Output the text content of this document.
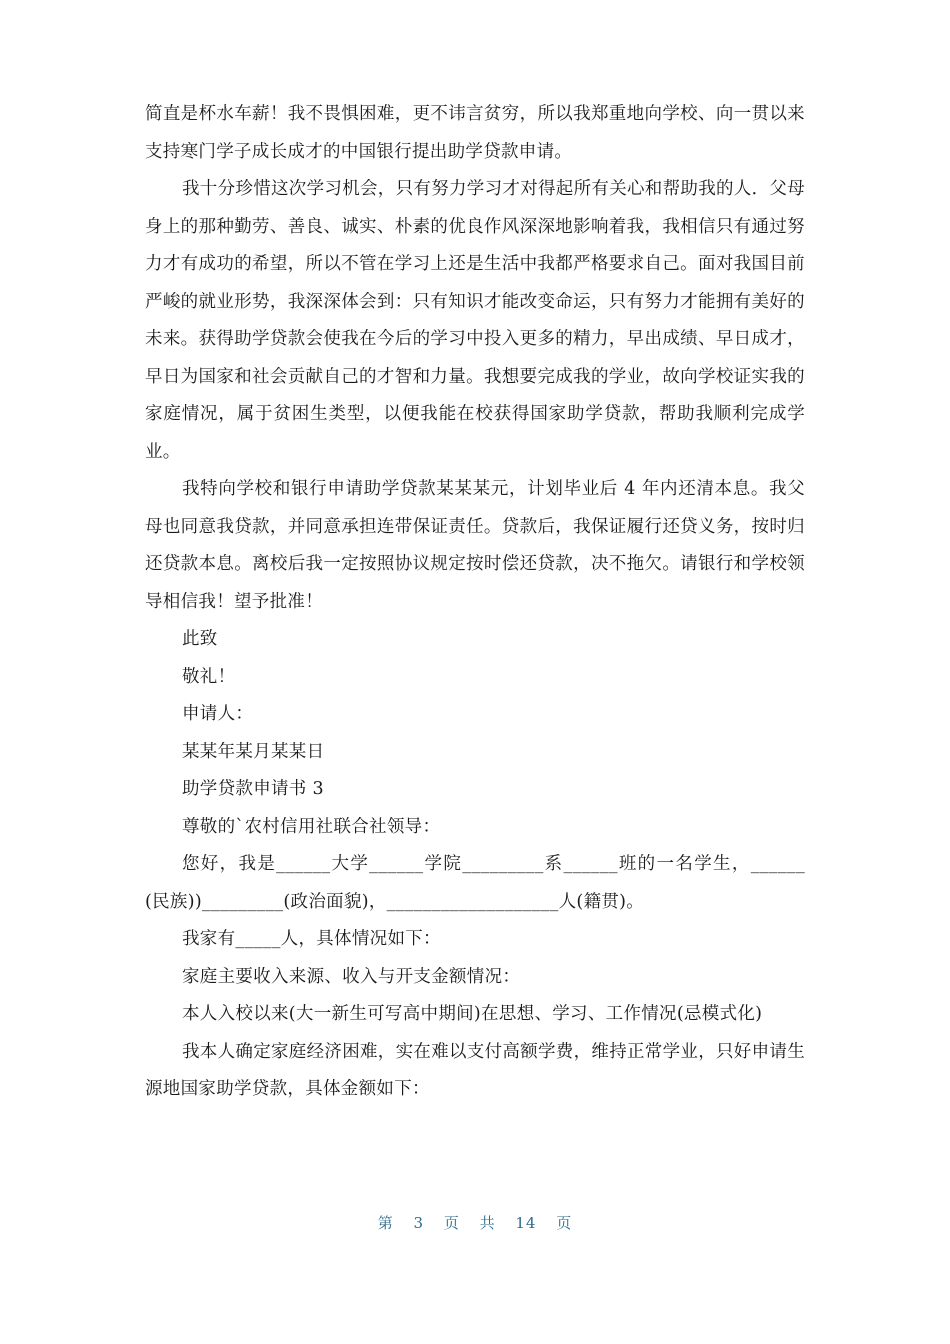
简直是杯水车薪！我不畏惧困难，更不讳言贫穷，所以我郑重地向学校、向一贯以来支持寒门学子成长成才的中国银行提出助学贷款申请。

我十分珍惜这次学习机会，只有努力学习才对得起所有关心和帮助我的人．父母身上的那种勤劳、善良、诚实、朴素的优良作风深深地影响着我，我相信只有通过努力才有成功的希望，所以不管在学习上还是生活中我都严格要求自己。面对我国目前严峻的就业形势，我深深体会到：只有知识才能改变命运，只有努力才能拥有美好的未来。获得助学贷款会使我在今后的学习中投入更多的精力，早出成绩、早日成才，早日为国家和社会贡献自己的才智和力量。我想要完成我的学业，故向学校证实我的家庭情况，属于贫困生类型，以便我能在校获得国家助学贷款，帮助我顺利完成学业。

我特向学校和银行申请助学贷款某某某元，计划毕业后 4 年内还清本息。我父母也同意我贷款，并同意承担连带保证责任。贷款后，我保证履行还贷义务，按时归还贷款本息。离校后我一定按照协议规定按时偿还贷款，决不拖欠。请银行和学校领导相信我！望予批准！

此致

敬礼！

申请人：

某某年某月某某日

助学贷款申请书 3

尊敬的`农村信用社联合社领导：

您好，我是______大学______学院_________系______班的一名学生，______(民族))_________(政治面貌)，___________________人(籍贯)。

我家有_____人，具体情况如下：

家庭主要收入来源、收入与开支金额情况：

本人入校以来(大一新生可写高中期间)在思想、学习、工作情况(忌模式化)

我本人确定家庭经济困难，实在难以支付高额学费，维持正常学业，只好申请生源地国家助学贷款，具体金额如下：

第 3 页 共 14 页
